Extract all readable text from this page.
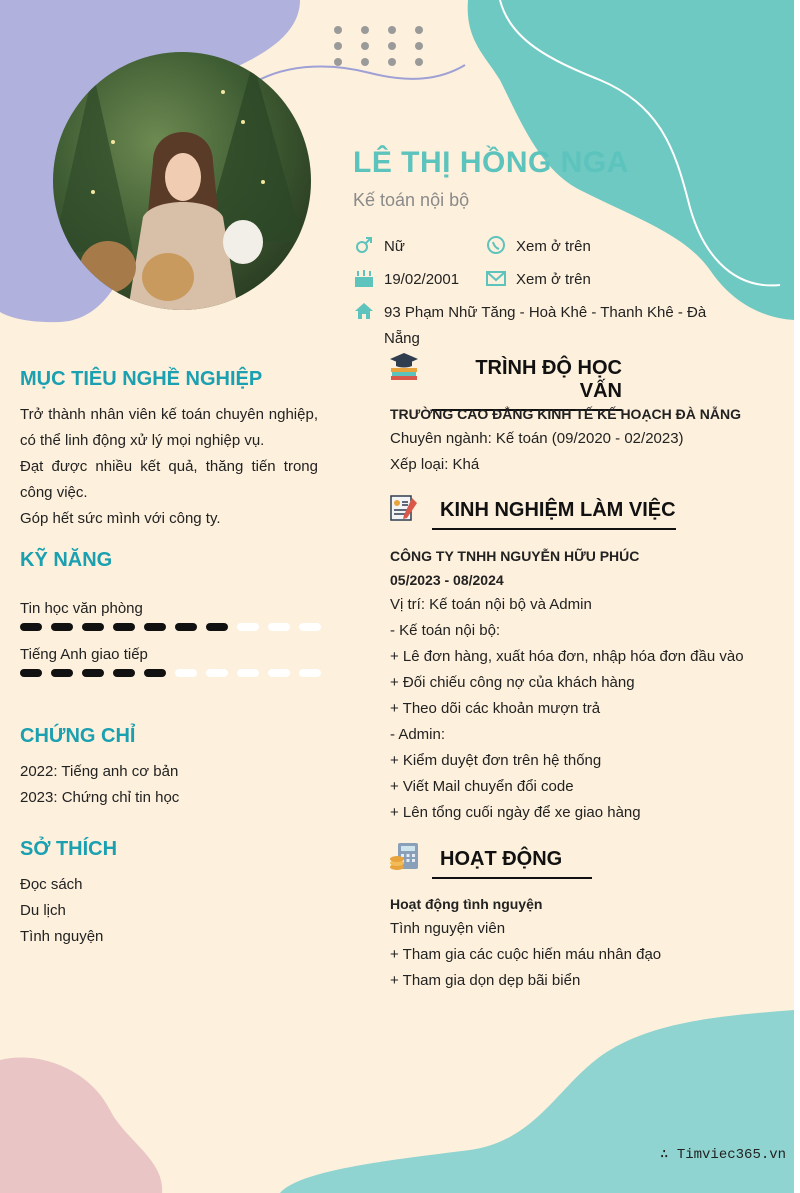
LÊ THỊ HỒNG NGA
Kế toán nội bộ
Nữ	Xem ở trên
19/02/2001	Xem ở trên
93 Phạm Nhữ Tăng - Hoà Khê - Thanh Khê - Đà Nẵng
MỤC TIÊU NGHỀ NGHIỆP
Trở thành nhân viên kế toán chuyên nghiệp, có thể linh động xử lý mọi nghiệp vụ.
Đạt được nhiều kết quả, thăng tiến trong công việc.
Góp hết sức mình với công ty.
KỸ NĂNG
Tin học văn phòng
Tiếng Anh giao tiếp
CHỨNG CHỈ
2022: Tiếng anh cơ bản
2023: Chứng chỉ tin học
SỞ THÍCH
Đọc sách
Du lịch
Tình nguyện
TRÌNH ĐỘ HỌC VẤN
TRƯỜNG CAO ĐẲNG KINH TẾ KẾ HOẠCH ĐÀ NẴNG
Chuyên ngành: Kế toán (09/2020 - 02/2023)
Xếp loại: Khá
KINH NGHIỆM LÀM VIỆC
CÔNG TY TNHH NGUYỄN HỮU PHÚC
05/2023 - 08/2024
Vị trí: Kế toán nội bộ và Admin
- Kế toán nội bộ:
+ Lê đơn hàng, xuất hóa đơn, nhập hóa đơn đầu vào
+ Đối chiếu công nợ của khách hàng
+ Theo dõi các khoản mượn trả
- Admin:
+ Kiểm duyệt đơn trên hệ thống
+ Viết Mail chuyển đổi code
+ Lên tổng cuối ngày để xe giao hàng
HOẠT ĐỘNG
Hoạt động tình nguyện
Tình nguyện viên
+ Tham gia các cuộc hiến máu nhân đạo
+ Tham gia dọn dẹp bãi biển
∴ Timviec365.vn
